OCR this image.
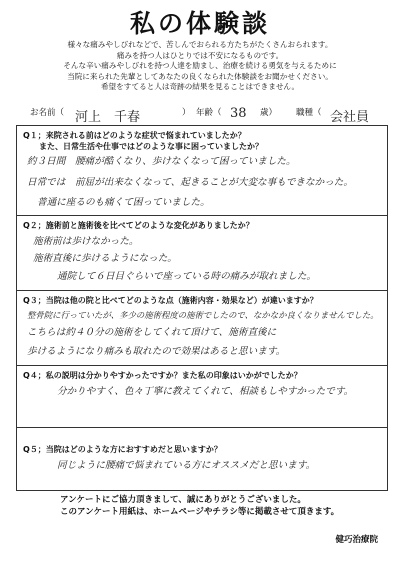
私の体験談
様々な痛みやしびれなどで、苦しんでおられる方たちがたくさんおられます。
痛みを持つ人はひとりでは不安になるものです。
そんな辛い痛みやしびれを持つ人達を励まし、治療を続ける勇気を与えるために
当院に来られた先輩としてあなたの良くなられた体験談をお聞かせください。
希望をすてると人は奇跡の結果を見ることはできません。
お名前（ 河上　千春	） 年齢（ 38 歳） 職種（ 会社員
Q１；来院される前はどのような症状で悩まれていましたか？
　　また、日常生活や仕事ではどのような事に困っていましたか？
約３日間　腰痛が酷くなり、歩けなくなって困っていました。
日常では　前屈が出来なくなって、起きることが大変な事もできなかった。
普通に座るのも痛くて困っていました。
Q２；施術前と施術後を比べてどのような変化がありましたか？
施術前は歩けなかった。
施術直後に歩けるようになった。
通院して６日目ぐらいで座っている時の痛みが取れました。
Q３；当院は他の院と比べてどのような点（施術内容・効果など）が違いますか？
整骨院に行っていたが、多少の施術程度の施術でしたので、なかなか良くなりませんでした。
こちらは約４０分の施術をしてくれて頂けて、施術直後に
歩けるようになり痛みも取れたので効果はあると思います。
Q４；私の説明は分かりやすかったですか？また私の印象はいかがでしたか？
分かりやすく、色々丁寧に教えてくれて、相談もしやすかったです。
Q５；当院はどのような方におすすめだと思いますか？
同じように腰痛で悩まれている方にオススメだと思います。
アンケートにご協力頂きまして、誠にありがとうございました。
このアンケート用紙は、ホームページやチラシ等に掲載させて頂きます。
健巧治療院
